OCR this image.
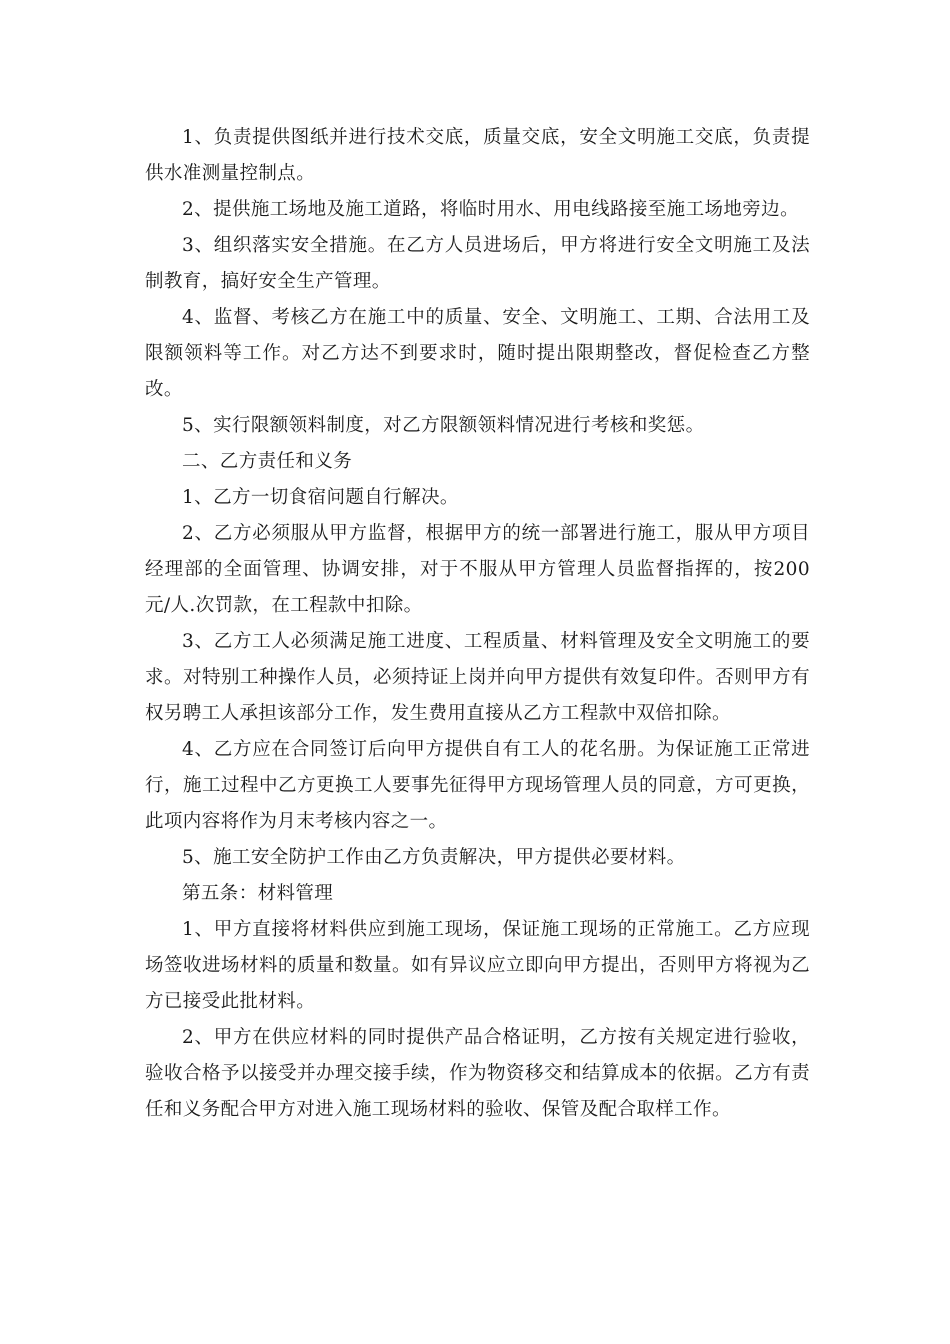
1、负责提供图纸并进行技术交底，质量交底，安全文明施工交底，负责提供水准测量控制点。

2、提供施工场地及施工道路，将临时用水、用电线路接至施工场地旁边。

3、组织落实安全措施。在乙方人员进场后，甲方将进行安全文明施工及法制教育，搞好安全生产管理。

4、监督、考核乙方在施工中的质量、安全、文明施工、工期、合法用工及限额领料等工作。对乙方达不到要求时，随时提出限期整改，督促检查乙方整改。

5、实行限额领料制度，对乙方限额领料情况进行考核和奖惩。

二、乙方责任和义务

1、乙方一切食宿问题自行解决。

2、乙方必须服从甲方监督，根据甲方的统一部署进行施工，服从甲方项目经理部的全面管理、协调安排，对于不服从甲方管理人员监督指挥的，按200元/人.次罚款，在工程款中扣除。

3、乙方工人必须满足施工进度、工程质量、材料管理及安全文明施工的要求。对特别工种操作人员，必须持证上岗并向甲方提供有效复印件。否则甲方有权另聘工人承担该部分工作，发生费用直接从乙方工程款中双倍扣除。

4、乙方应在合同签订后向甲方提供自有工人的花名册。为保证施工正常进行，施工过程中乙方更换工人要事先征得甲方现场管理人员的同意，方可更换，此项内容将作为月末考核内容之一。

5、施工安全防护工作由乙方负责解决，甲方提供必要材料。

第五条：材料管理

1、甲方直接将材料供应到施工现场，保证施工现场的正常施工。乙方应现场签收进场材料的质量和数量。如有异议应立即向甲方提出，否则甲方将视为乙方已接受此批材料。

2、甲方在供应材料的同时提供产品合格证明，乙方按有关规定进行验收，验收合格予以接受并办理交接手续，作为物资移交和结算成本的依据。乙方有责任和义务配合甲方对进入施工现场材料的验收、保管及配合取样工作。
